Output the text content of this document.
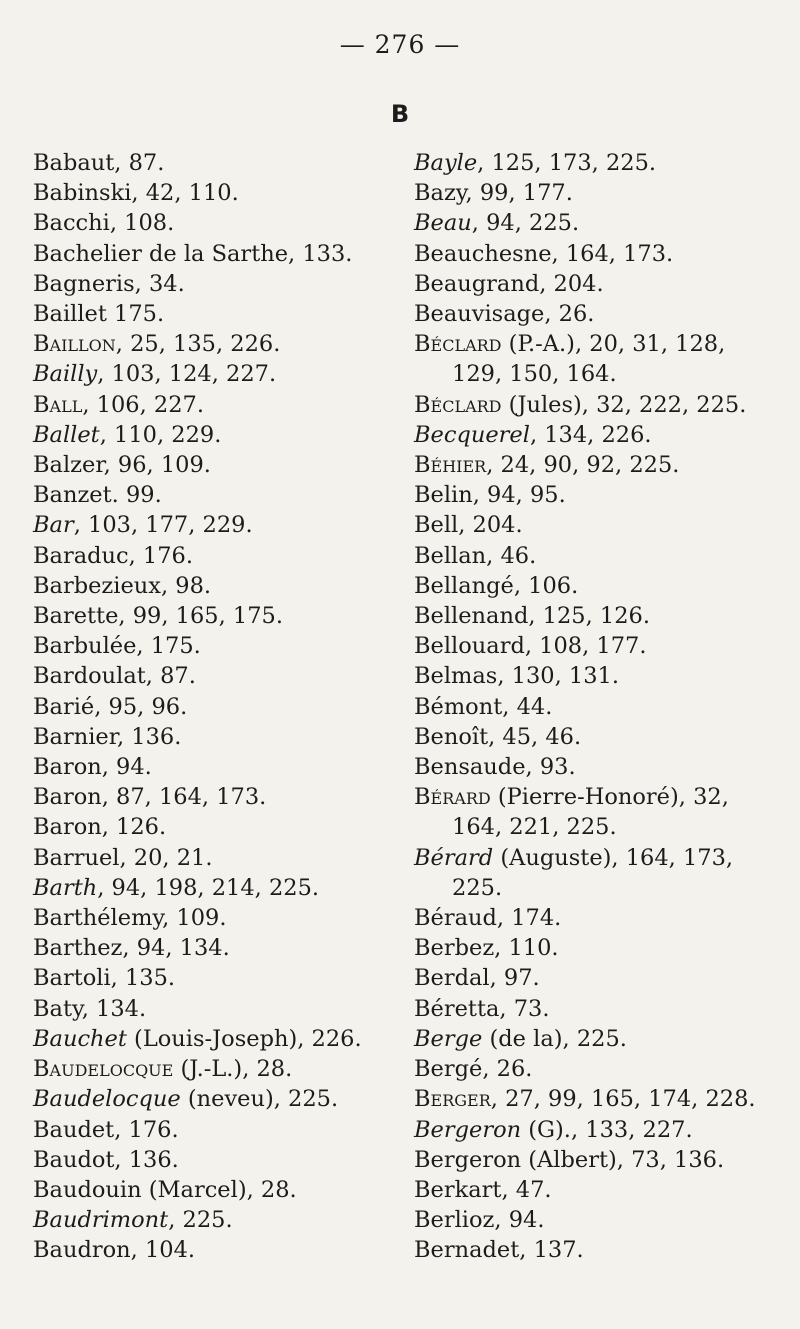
— 276 —
B
Babaut, 87.
Babinski, 42, 110.
Bacchi, 108.
Bachelier de la Sarthe, 133.
Bagneris, 34.
Baillet 175.
Baillon, 25, 135, 226.
Bailly, 103, 124, 227.
Ball, 106, 227.
Ballet, 110, 229.
Balzer, 96, 109.
Banzet. 99.
Bar, 103, 177, 229.
Baraduc, 176.
Barbezieux, 98.
Barette, 99, 165, 175.
Barbulée, 175.
Bardoulat, 87.
Barié, 95, 96.
Barnier, 136.
Baron, 94.
Baron, 87, 164, 173.
Baron, 126.
Barruel, 20, 21.
Barth, 94, 198, 214, 225.
Barthélemy, 109.
Barthez, 94, 134.
Bartoli, 135.
Baty, 134.
Bauchet (Louis-Joseph), 226.
Baudelocque (J.-L.), 28.
Baudelocque (neveu), 225.
Baudet, 176.
Baudot, 136.
Baudouin (Marcel), 28.
Baudrimont, 225.
Baudron, 104.
Bayle, 125, 173, 225.
Bazy, 99, 177.
Beau, 94, 225.
Beauchesne, 164, 173.
Beaugrand, 204.
Beauvisage, 26.
Béclard (P.-A.), 20, 31, 128,
129, 150, 164.
Béclard (Jules), 32, 222, 225.
Becquerel, 134, 226.
Béhier, 24, 90, 92, 225.
Belin, 94, 95.
Bell, 204.
Bellan, 46.
Bellangé, 106.
Bellenand, 125, 126.
Bellouard, 108, 177.
Belmas, 130, 131.
Bémont, 44.
Benoît, 45, 46.
Bensaude, 93.
Bérard (Pierre-Honoré), 32,
164, 221, 225.
Bérard (Auguste), 164, 173,
225.
Béraud, 174.
Berbez, 110.
Berdal, 97.
Béretta, 73.
Berge (de la), 225.
Bergé, 26.
Berger, 27, 99, 165, 174, 228.
Bergeron (G)., 133, 227.
Bergeron (Albert), 73, 136.
Berkart, 47.
Berlioz, 94.
Bernadet, 137.
